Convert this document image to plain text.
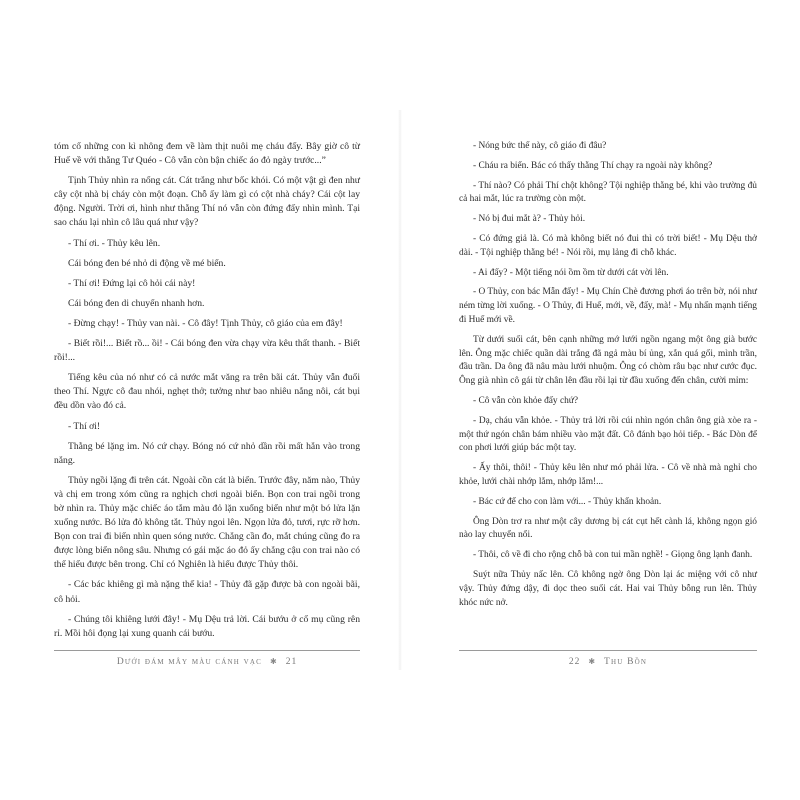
tóm cổ những con kì nhông đem về làm thịt nuôi mẹ cháu đấy. Bây giờ cô từ Huế về với thằng Tư Quéo - Cô vẫn còn bận chiếc áo đỏ ngày trước...”

Tịnh Thủy nhìn ra nổng cát. Cát trắng như bốc khói. Có một vật gì đen như cây cột nhà bị cháy còn một đoạn. Chỗ ấy làm gì có cột nhà cháy? Cái cột lay động. Người. Trời ơi, hình như thằng Thí nó vẫn còn đứng đấy nhìn mình. Tại sao cháu lại nhìn cô lâu quá như vậy?

- Thí ơi. - Thủy kêu lên.

Cái bóng đen bé nhỏ di động về mé biển.

- Thí ơi! Đứng lại cô hỏi cái này!

Cái bóng đen di chuyển nhanh hơn.

- Đừng chạy! - Thủy van nài. - Cô đây! Tịnh Thủy, cô giáo của em đây!

- Biết rồi!... Biết rồ... ồi! - Cái bóng đen vừa chạy vừa kêu thất thanh. - Biết rồi!...

Tiếng kêu của nó như có cả nước mắt văng ra trên bãi cát. Thủy vẫn đuổi theo Thí. Ngực cô đau nhói, nghẹt thở; tưởng như bao nhiêu nắng nôi, cát bụi đều dồn vào đó cả.

- Thí ơi!

Thằng bé lặng im. Nó cứ chạy. Bóng nó cứ nhỏ dần rồi mất hẳn vào trong nắng.

Thủy ngồi lặng đi trên cát. Ngoài cồn cát là biển. Trước đây, năm nào, Thủy và chị em trong xóm cũng ra nghịch chơi ngoài biển. Bọn con trai ngồi trong bờ nhìn ra. Thủy mặc chiếc áo tắm màu đỏ lặn xuống biển như một bó lửa lặn xuống nước. Bó lửa đỏ không tắt. Thủy ngoi lên. Ngọn lửa đỏ, tươi, rực rỡ hơn. Bọn con trai đi biển nhìn quen sóng nước. Chẳng cần đo, mắt chúng cũng đo ra được lòng biển nông sâu. Nhưng có gái mặc áo đỏ ấy chẳng cậu con trai nào có thể hiểu được bên trong. Chỉ có Nghiên là hiểu được Thủy thôi.

- Các bác khiêng gì mà nặng thế kia! - Thủy đã gặp được bà con ngoài bãi, cô hỏi.

- Chúng tôi khiêng lưới đây! - Mụ Dệu trả lời. Cái bướu ở cổ mụ cũng rên rỉ. Mồi hôi đọng lại xung quanh cái bướu.

Dưới đám mây màu cánh vạc ✱ 21

- Nóng bức thế này, cô giáo đi đâu?

- Cháu ra biển. Bác có thấy thằng Thí chạy ra ngoài này không?

- Thí nào? Có phải Thí chột không? Tội nghiệp thằng bé, khi vào trường đủ cả hai mắt, lúc ra trường còn một.

- Nó bị đui mắt à? - Thủy hỏi.

- Có đứng giả là. Có mà không biết nó đui thì có trời biết! - Mụ Dệu thở dài. - Tội nghiệp thằng bé! - Nói rồi, mụ lảng đi chỗ khác.

- Ai đấy? - Một tiếng nói ồm ồm từ dưới cát vời lên.

- O Thủy, con bác Mẫn đấy! - Mụ Chín Chè đương phơi áo trên bờ, nói như ném từng lời xuống. - O Thủy, đi Huế, mới, về, đấy, mà! - Mụ nhấn mạnh tiếng đi Huế mới về.

Từ dưới suối cát, bên cạnh những mớ lưới ngồn ngang một ông già bước lên. Ông mặc chiếc quần dài trắng đã ngả màu bí ủng, xắn quá gối, mình trần, đầu trần. Da ông đã nâu màu lưới nhuộm. Ông có chòm râu bạc như cước đục. Ông già nhìn cô gái từ chân lên đầu rồi lại từ đầu xuống đến chân, cười mỉm:

- Cô vẫn còn khỏe đấy chứ?

- Dạ, cháu vẫn khỏe. - Thủy trả lời rồi cúi nhìn ngón chân ông già xòe ra - một thứ ngón chân bám nhiều vào mặt đất. Cô đánh bạo hỏi tiếp. - Bác Dòn để con phơi lưới giúp bác một tay.

- Ấy thôi, thôi! - Thủy kêu lên như mó phải lửa. - Cô về nhà mà nghỉ cho khỏe, lưới chài nhớp lắm, nhớp lắm!...

- Bác cứ để cho con làm với... - Thủy khẩn khoản.

Ông Dòn trơ ra như một cây dương bị cát cụt hết cành lá, không ngọn gió nào lay chuyển nổi.

- Thôi, cô về đi cho rộng chỗ bà con tui mần nghề! - Giọng ông lạnh đanh.

Suýt nữa Thủy nấc lên. Cô không ngờ ông Dòn lại ác miệng với cô như vậy. Thủy đứng dậy, đi dọc theo suối cát. Hai vai Thủy bỗng run lên. Thủy khóc nức nở.

22 ✱ Thu Bồn
